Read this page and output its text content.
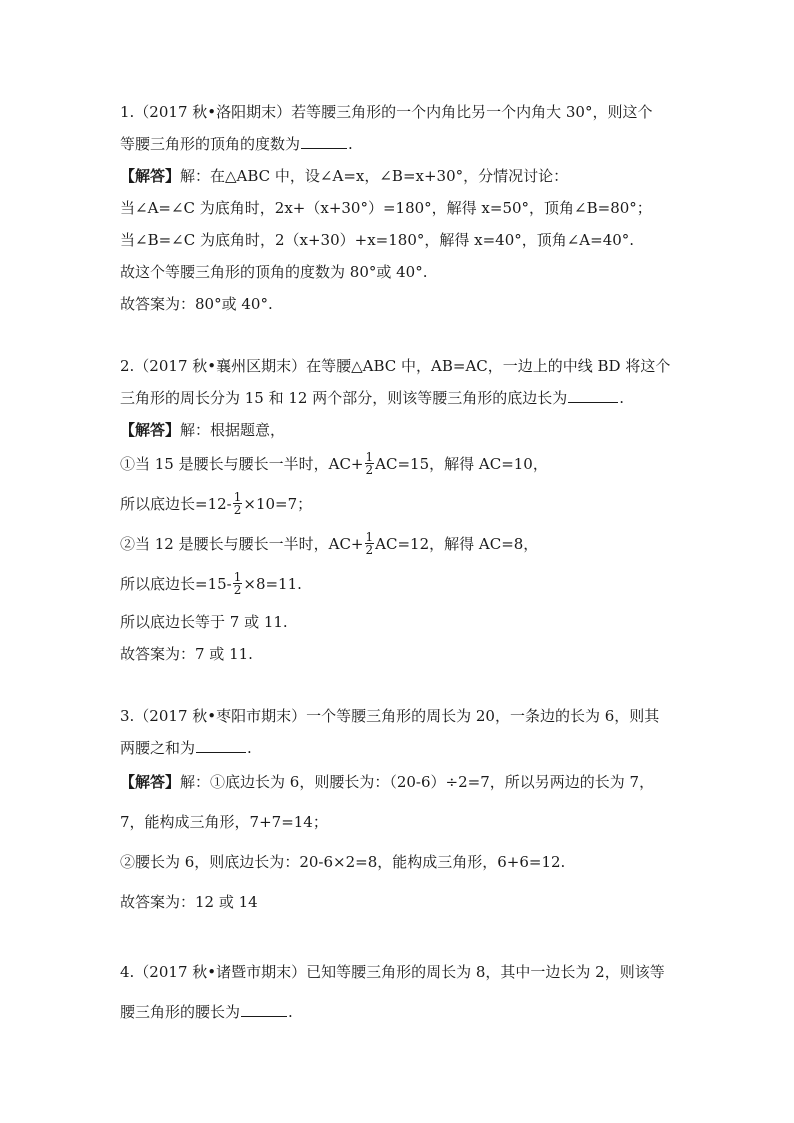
1.（2017 秋•洛阳期末）若等腰三角形的一个内角比另一个内角大 30°，则这个
等腰三角形的顶角的度数为	.
【解答】解：在△ABC 中，设∠A=x，∠B=x+30°，分情况讨论：
当∠A=∠C 为底角时，2x+（x+30°）=180°，解得 x=50°，顶角∠B=80°；
当∠B=∠C 为底角时，2（x+30）+x=180°，解得 x=40°，顶角∠A=40°.
故这个等腰三角形的顶角的度数为 80°或 40°.
故答案为：80°或 40°.
2.（2017 秋•襄州区期末）在等腰△ABC 中，AB=AC，一边上的中线 BD 将这个
三角形的周长分为 15 和 12 两个部分，则该等腰三角形的底边长为	.
【解答】解：根据题意，
①当 15 是腰长与腰长一半时，$AC+ \frac{1}{2} AC=15$，解得 AC=10，
所以底边长$=12- \frac{1}{2} \times 10=7$；
②当 12 是腰长与腰长一半时，$AC+ \frac{1}{2} AC=12$，解得 AC=8，
所以底边长$=15- \frac{1}{2} \times 8=11$.
所以底边长等于 7 或 11.
故答案为：7 或 11.
3.（2017 秋•枣阳市期末）一个等腰三角形的周长为 20，一条边的长为 6，则其
两腰之和为	.
【解答】解：①底边长为 6，则腰长为：（20-6）÷2=7，所以另两边的长为 7，
7，能构成三角形，7+7=14；
②腰长为 6，则底边长为：20-6×2=8，能构成三角形，6+6=12.
故答案为：12 或 14
4.（2017 秋•诸暨市期末）已知等腰三角形的周长为 8，其中一边长为 2，则该等
腰三角形的腰长为	.
